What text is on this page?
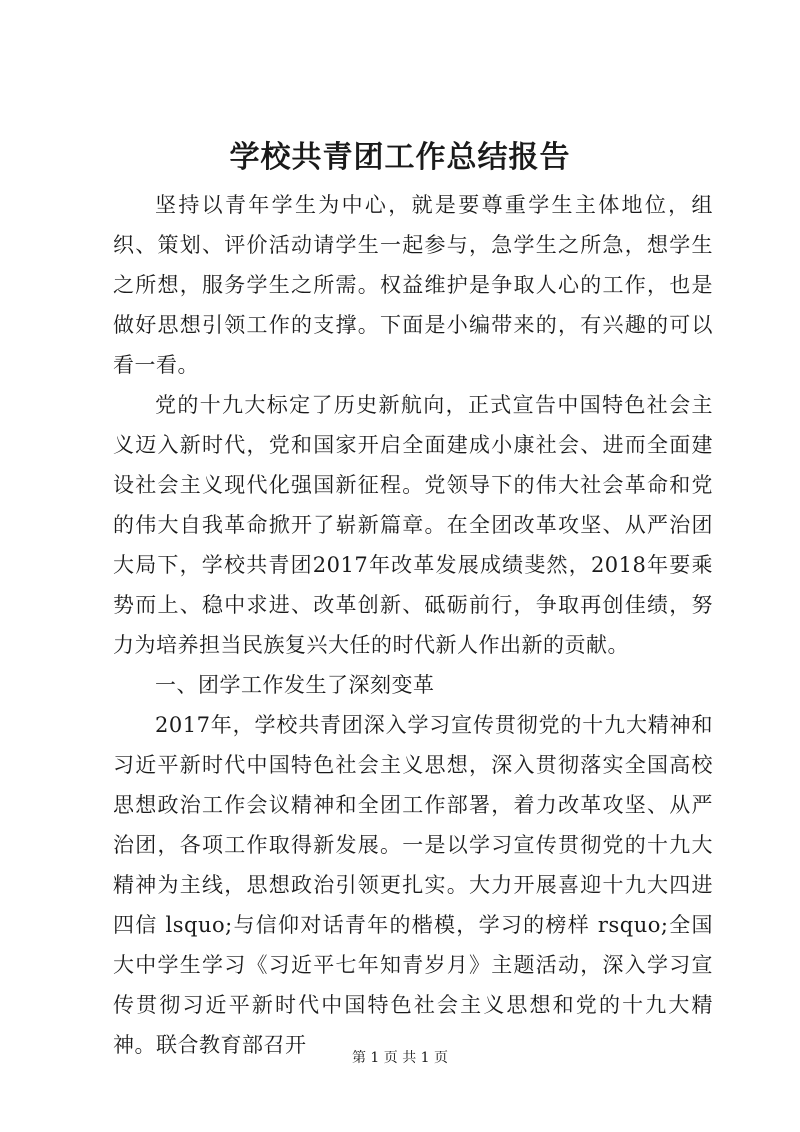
学校共青团工作总结报告

坚持以青年学生为中心，就是要尊重学生主体地位，组织、策划、评价活动请学生一起参与，急学生之所急，想学生之所想，服务学生之所需。权益维护是争取人心的工作，也是做好思想引领工作的支撑。下面是小编带来的，有兴趣的可以看一看。

党的十九大标定了历史新航向，正式宣告中国特色社会主义迈入新时代，党和国家开启全面建成小康社会、进而全面建设社会主义现代化强国新征程。党领导下的伟大社会革命和党的伟大自我革命掀开了崭新篇章。在全团改革攻坚、从严治团大局下，学校共青团2017年改革发展成绩斐然，2018年要乘势而上、稳中求进、改革创新、砥砺前行，争取再创佳绩，努力为培养担当民族复兴大任的时代新人作出新的贡献。

一、团学工作发生了深刻变革

2017年，学校共青团深入学习宣传贯彻党的十九大精神和习近平新时代中国特色社会主义思想，深入贯彻落实全国高校思想政治工作会议精神和全团工作部署，着力改革攻坚、从严治团，各项工作取得新发展。一是以学习宣传贯彻党的十九大精神为主线，思想政治引领更扎实。大力开展喜迎十九大四进四信 lsquo;与信仰对话青年的楷模，学习的榜样 rsquo;全国大中学生学习《习近平七年知青岁月》主题活动，深入学习宣传贯彻习近平新时代中国特色社会主义思想和党的十九大精神。联合教育部召开

第 1 页 共 1 页
